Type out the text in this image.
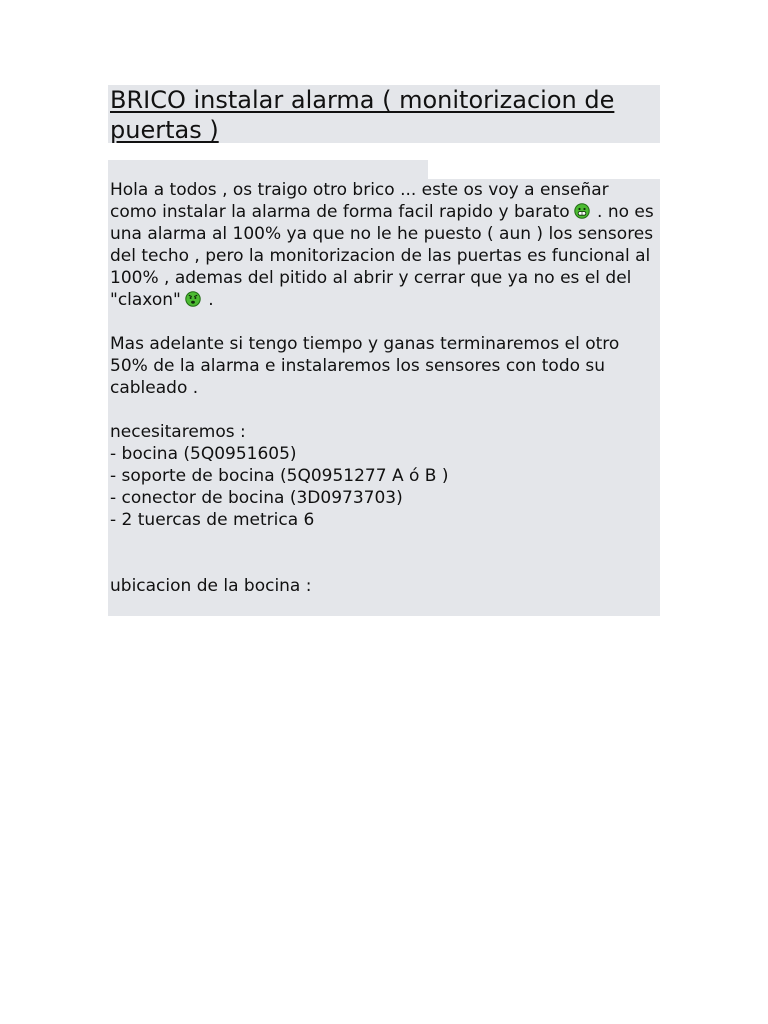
BRICO instalar alarma ( monitorizacion de
puertas )

Hola a todos , os traigo otro brico ... este os voy a enseñar como instalar la alarma de forma facil rapido y barato . no es una alarma al 100% ya que no le he puesto ( aun ) los sensores del techo , pero la monitorizacion de las puertas es funcional al 100% , ademas del pitido al abrir y cerrar que ya no es el del "claxon" .

Mas adelante si tengo tiempo y ganas terminaremos el otro 50% de la alarma e instalaremos los sensores con todo su cableado .

necesitaremos :

- bocina (5Q0951605)

- soporte de bocina (5Q0951277 A ó B )

- conector de bocina (3D0973703)

- 2 tuercas de metrica 6

ubicacion de la bocina :
